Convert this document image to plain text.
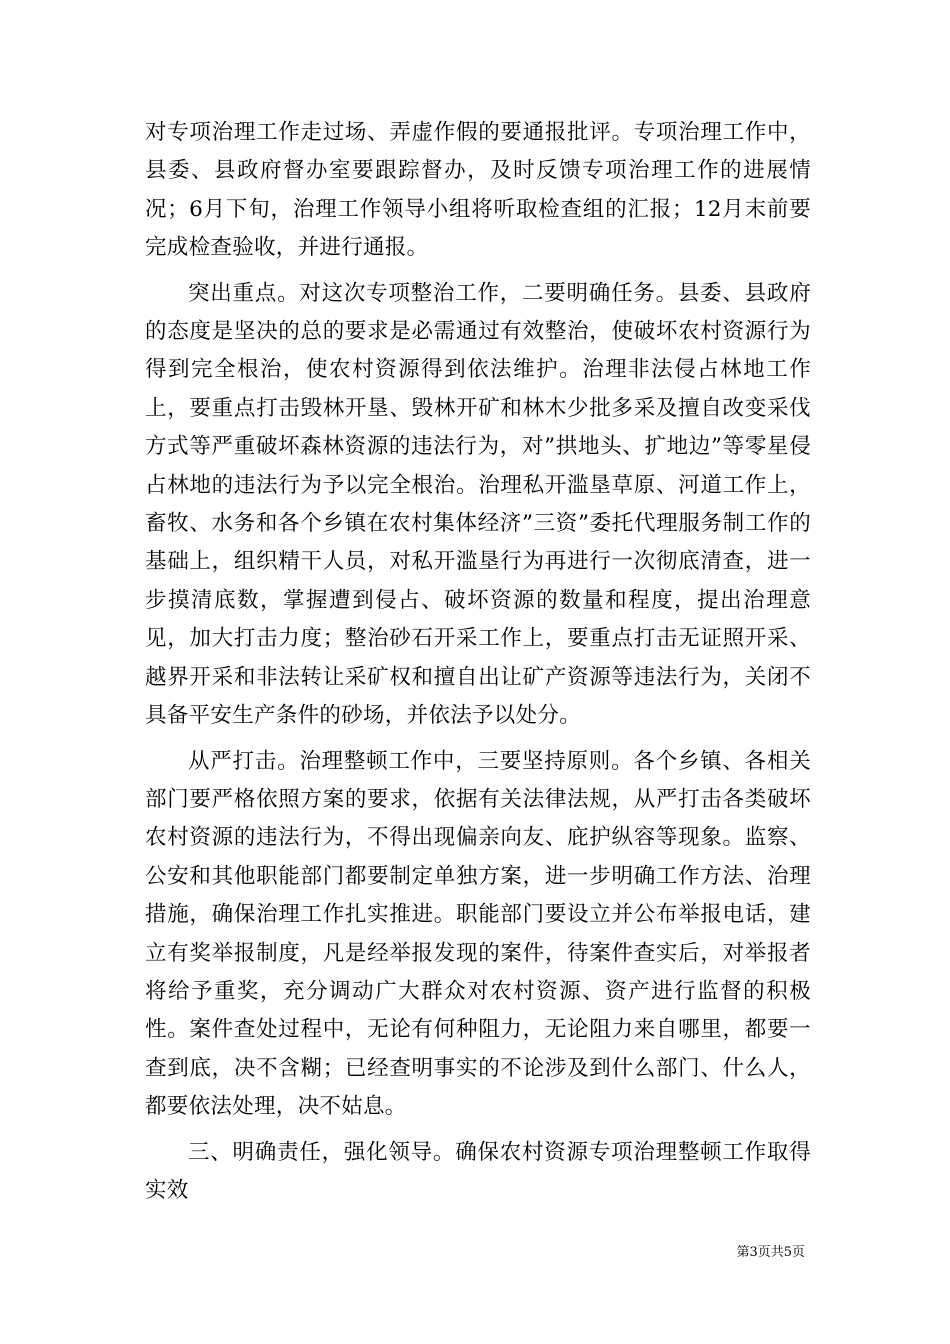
对专项治理工作走过场、弄虚作假的要通报批评。专项治理工作中，县委、县政府督办室要跟踪督办，及时反馈专项治理工作的进展情况；6月下旬，治理工作领导小组将听取检查组的汇报；12月末前要完成检查验收，并进行通报。

突出重点。对这次专项整治工作，二要明确任务。县委、县政府的态度是坚决的总的要求是必需通过有效整治，使破坏农村资源行为得到完全根治，使农村资源得到依法维护。治理非法侵占林地工作上，要重点打击毁林开垦、毁林开矿和林木少批多采及擅自改变采伐方式等严重破坏森林资源的违法行为，对”拱地头、扩地边”等零星侵占林地的违法行为予以完全根治。治理私开滥垦草原、河道工作上，畜牧、水务和各个乡镇在农村集体经济”三资”委托代理服务制工作的基础上，组织精干人员，对私开滥垦行为再进行一次彻底清查，进一步摸清底数，掌握遭到侵占、破坏资源的数量和程度，提出治理意见，加大打击力度；整治砂石开采工作上，要重点打击无证照开采、越界开采和非法转让采矿权和擅自出让矿产资源等违法行为，关闭不具备平安生产条件的砂场，并依法予以处分。

从严打击。治理整顿工作中，三要坚持原则。各个乡镇、各相关部门要严格依照方案的要求，依据有关法律法规，从严打击各类破坏农村资源的违法行为，不得出现偏亲向友、庇护纵容等现象。监察、公安和其他职能部门都要制定单独方案，进一步明确工作方法、治理措施，确保治理工作扎实推进。职能部门要设立并公布举报电话，建立有奖举报制度，凡是经举报发现的案件，待案件查实后，对举报者将给予重奖，充分调动广大群众对农村资源、资产进行监督的积极性。案件查处过程中，无论有何种阻力，无论阻力来自哪里，都要一查到底，决不含糊；已经查明事实的不论涉及到什么部门、什么人，都要依法处理，决不姑息。

三、明确责任，强化领导。确保农村资源专项治理整顿工作取得实效

第3页共5页
